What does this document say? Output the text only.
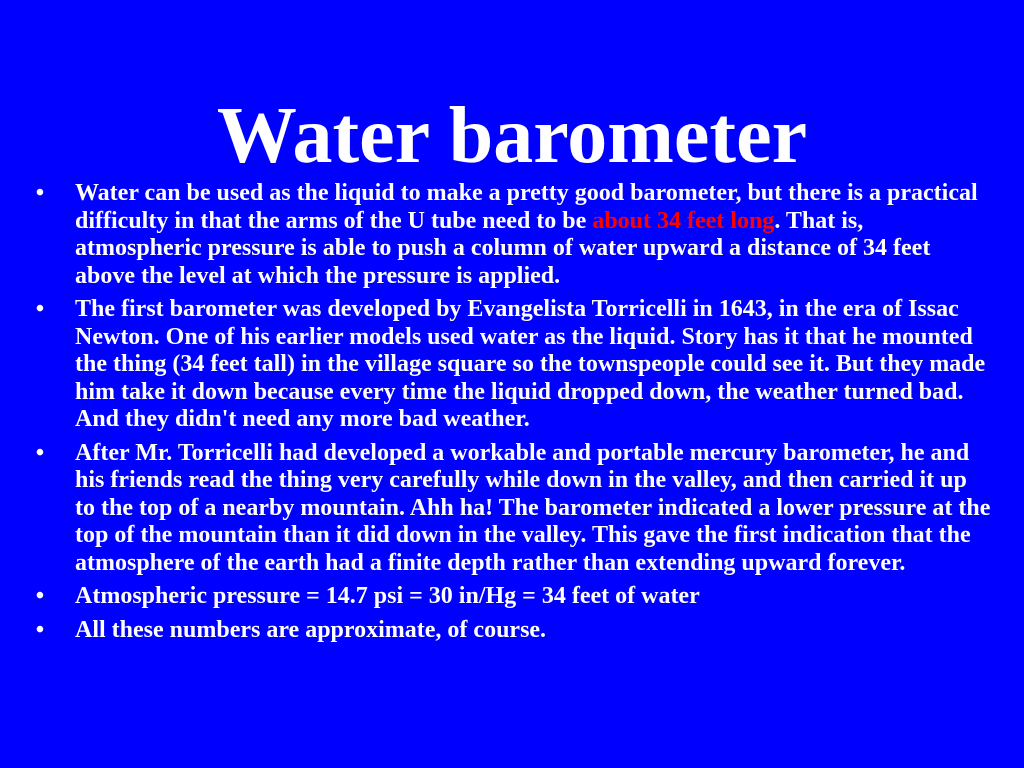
Water barometer
• Water can be used as the liquid to make a pretty good barometer, but there is a practical difficulty in that the arms of the U tube need to be about 34 feet long. That is, atmospheric pressure is able to push a column of water upward a distance of 34 feet above the level at which the pressure is applied.
• The first barometer was developed by Evangelista Torricelli in 1643, in the era of Issac Newton. One of his earlier models used water as the liquid. Story has it that he mounted the thing (34 feet tall) in the village square so the townspeople could see it. But they made him take it down because every time the liquid dropped down, the weather turned bad. And they didn't need any more bad weather.
• After Mr. Torricelli had developed a workable and portable mercury barometer, he and his friends read the thing very carefully while down in the valley, and then carried it up to the top of a nearby mountain. Ahh ha! The barometer indicated a lower pressure at the top of the mountain than it did down in the valley. This gave the first indication that the atmosphere of the earth had a finite depth rather than extending upward forever.
• Atmospheric pressure = 14.7 psi = 30 in/Hg = 34 feet of water
• All these numbers are approximate, of course.
